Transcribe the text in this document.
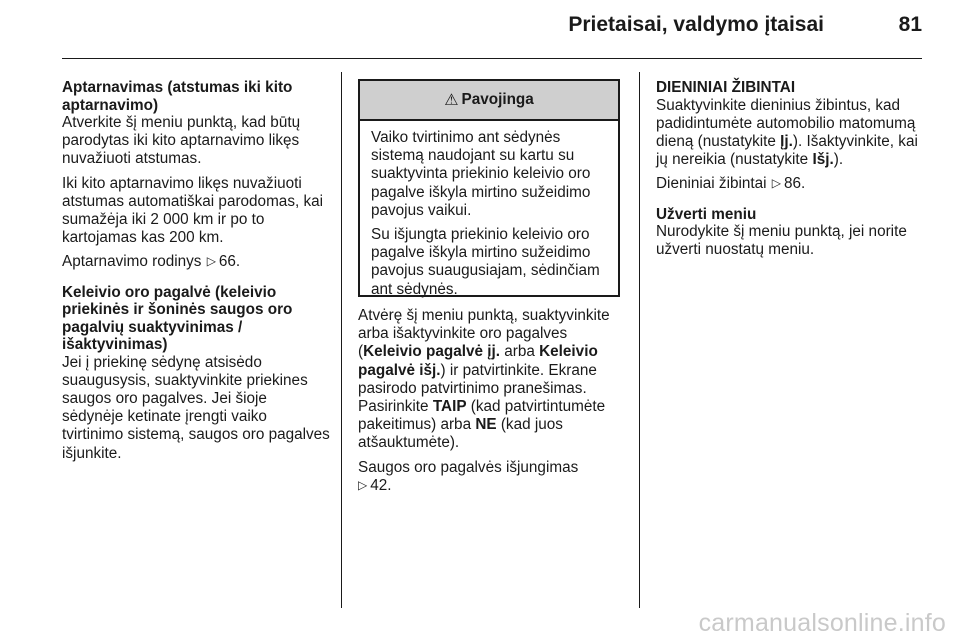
Prietaisai, valdymo įtaisai	81
Aptarnavimas (atstumas iki kito aptarnavimo)

Atverkite šį meniu punktą, kad būtų parodytas iki kito aptarnavimo likęs nuvažiuoti atstumas.

Iki kito aptarnavimo likęs nuvažiuoti atstumas automatiškai parodomas, kai sumažėja iki 2 000 km ir po to kartojamas kas 200 km.

Aptarnavimo rodinys ▷ 66.

Keleivio oro pagalvė (keleivio priekinės ir šoninės saugos oro pagalvių suaktyvinimas / išaktyvinimas)

Jei į priekinę sėdynę atsisėdo suaugusysis, suaktyvinkite priekines saugos oro pagalves. Jei šioje sėdynėje ketinate įrengti vaiko tvirtinimo sistemą, saugos oro pagalves išjunkite.

⚠ Pavojinga

Vaiko tvirtinimo ant sėdynės sistemą naudojant su kartu su suaktyvinta priekinio keleivio oro pagalve iškyla mirtino sužeidimo pavojus vaikui.

Su išjungta priekinio keleivio oro pagalve iškyla mirtino sužeidimo pavojus suaugusiajam, sėdinčiam ant sėdynės.

Atvėrę šį meniu punktą, suaktyvinkite arba išaktyvinkite oro pagalves (Keleivio pagalvė įj. arba Keleivio pagalvė išj.) ir patvirtinkite. Ekrane pasirodo patvirtinimo pranešimas. Pasirinkite TAIP (kad patvirtintumėte pakeitimus) arba NE (kad juos atšauktumėte).

Saugos oro pagalvės išjungimas
▷ 42.

DIENINIAI ŽIBINTAI

Suaktyvinkite dieninius žibintus, kad padidintumėte automobilio matomumą dieną (nustatykite Įj.). Išaktyvinkite, kai jų nereikia (nustatykite Išj.).

Dieniniai žibintai ▷ 86.

Užverti meniu

Nurodykite šį meniu punktą, jei norite užverti nuostatų meniu.

carmanualsonline.info
